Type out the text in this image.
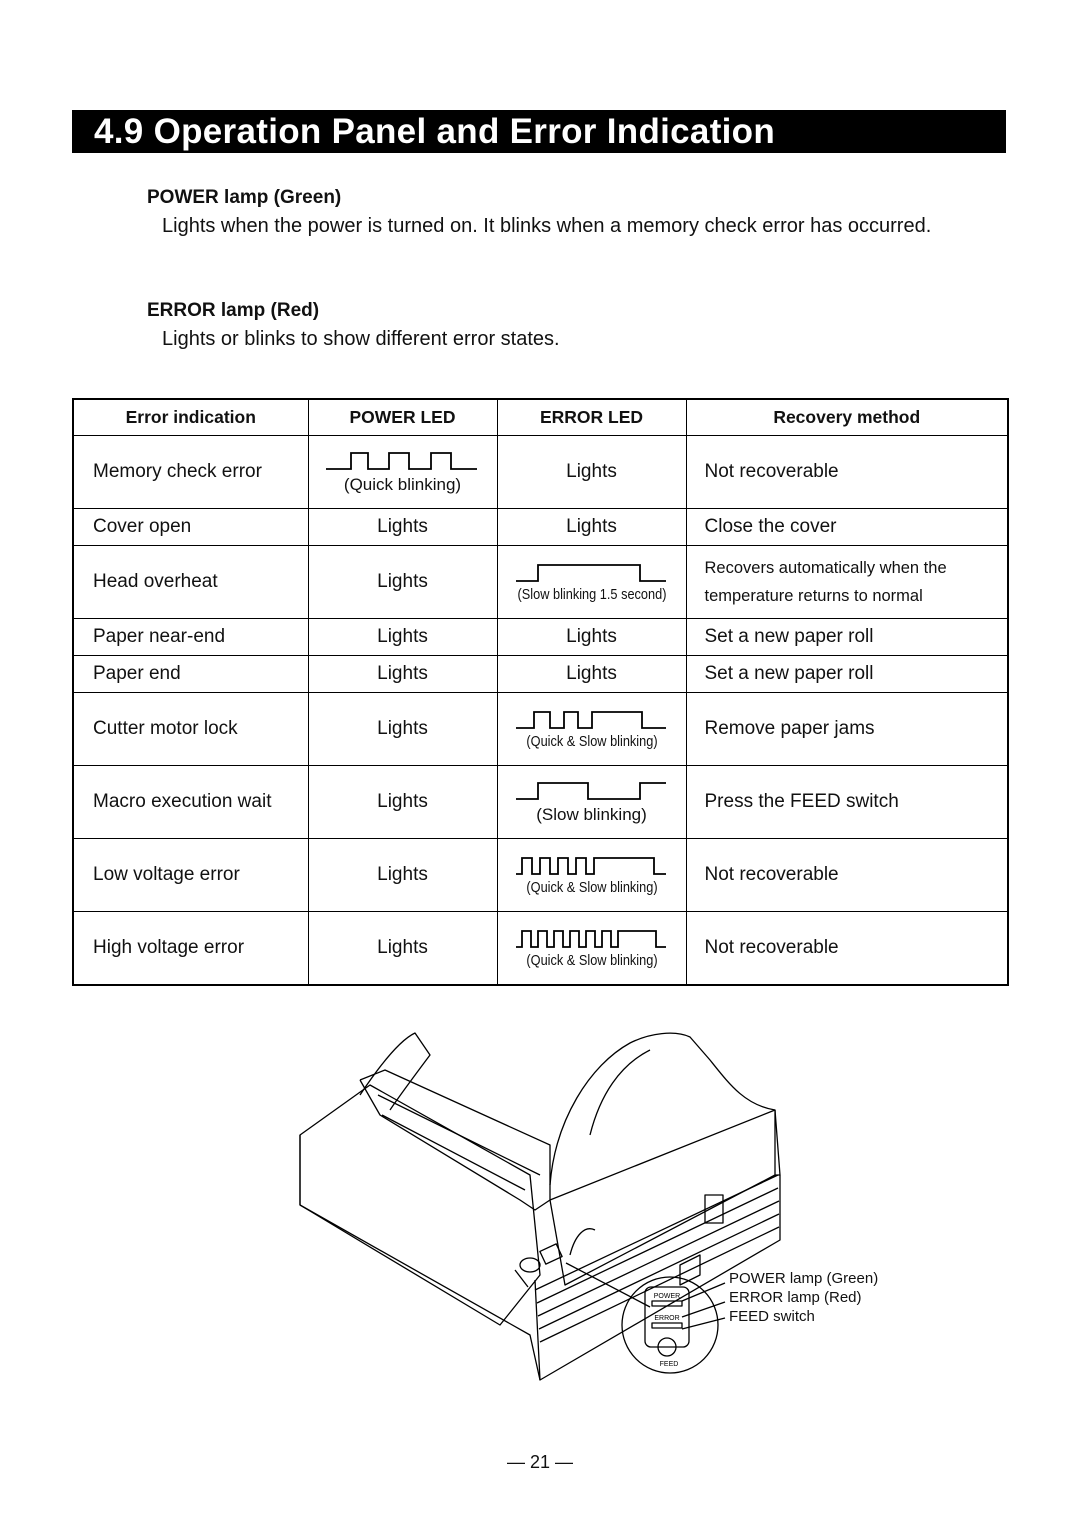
4.9 Operation Panel and Error Indication
POWER lamp (Green)
Lights when the power is turned on. It blinks when a memory check error has occurred.
ERROR lamp (Red)
Lights or blinks to show different error states.
Error indication	POWER LED	ERROR LED	Recovery method
Memory check error	(Quick blinking)	Lights	Not recoverable
Cover open	Lights	Lights	Close the cover
Head overheat	Lights	(Slow blinking 1.5 second)	Recovers automatically when the
temperature returns to normal

Paper near-end	Lights	Lights	Set a new paper roll
Paper end	Lights	Lights	Set a new paper roll
Cutter motor lock	Lights	(Quick & Slow blinking)	Remove paper jams
Macro execution wait	Lights	(Slow blinking)	Press the FEED switch
Low voltage error	Lights	(Quick & Slow blinking)	Not recoverable
High voltage error	Lights	(Quick & Slow blinking)	Not recoverable
POWER
ERROR
FEED
POWER lamp (Green)
ERROR lamp (Red)
FEED switch
— 21 —
